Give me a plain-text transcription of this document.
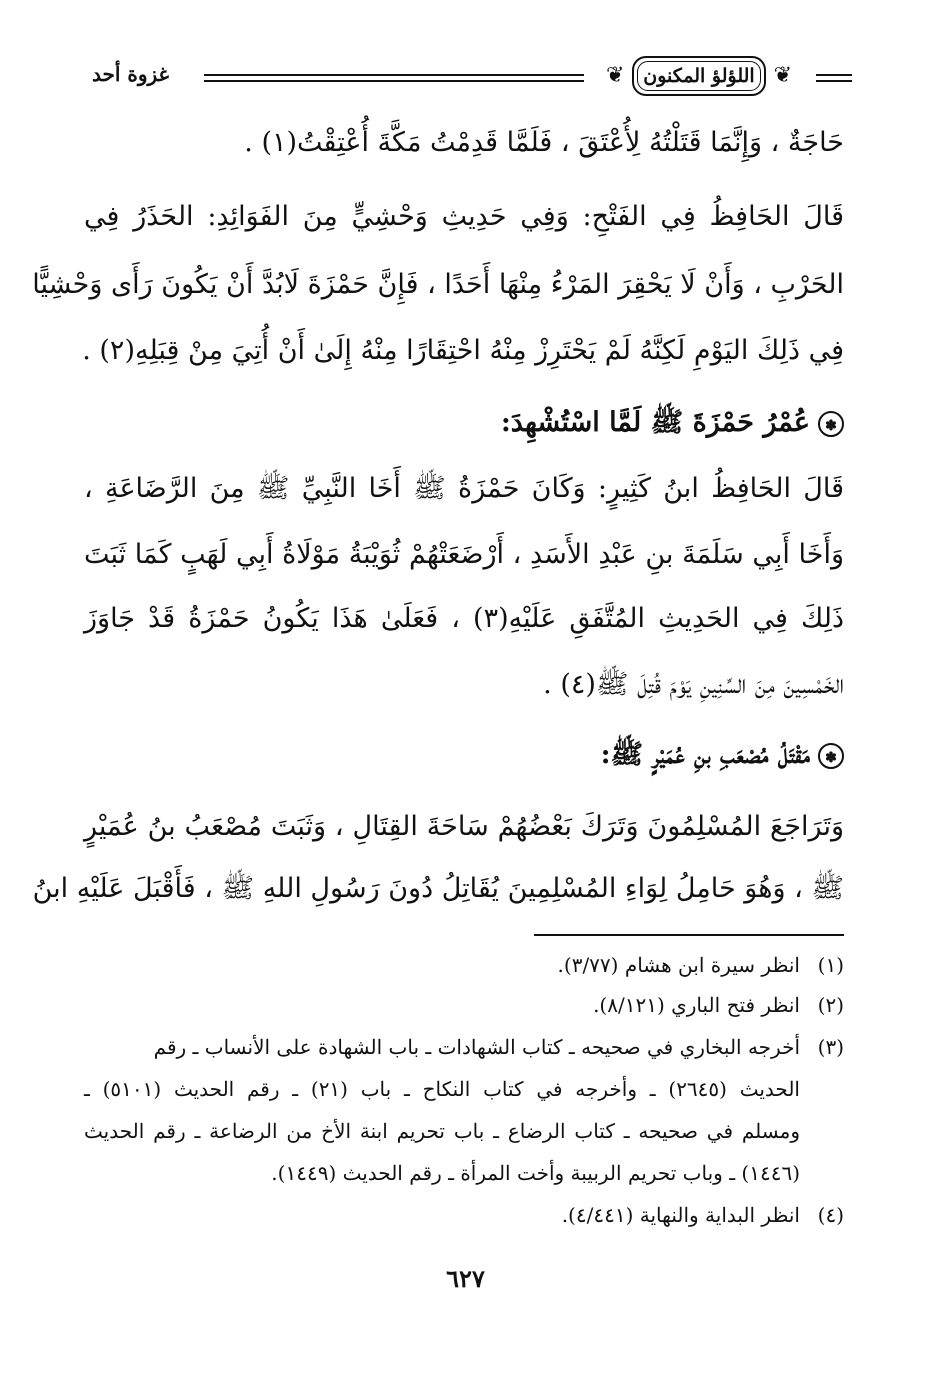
❦
اللؤلؤ المكنون
❦
غزوة أحد
حَاجَةٌ ، وَإِنَّمَا قَتَلْتُهُ لِأُعْتَقَ ، فَلَمَّا قَدِمْتُ مَكَّةَ أُعْتِقْتُ(١) .
قَالَ الحَافِظُ فِي الفَتْحِ: وَفِي حَدِيثِ وَحْشِيٍّ مِنَ الفَوَائِدِ: الحَذَرُ فِي
الحَرْبِ ، وَأَنْ لَا يَحْقِرَ المَرْءُ مِنْهَا أَحَدًا ، فَإِنَّ حَمْزَةَ لَابُدَّ أَنْ يَكُونَ رَأَى وَحْشِيًّا
فِي ذَلِكَ اليَوْمِ لَكِنَّهُ لَمْ يَحْتَرِزْ مِنْهُ احْتِقَارًا مِنْهُ إِلَىٰ أَنْ أُتِيَ مِنْ قِبَلِهِ(٢) .
✽عُمْرُ حَمْزَةَ ﷺ لَمَّا اسْتُشْهِدَ:
قَالَ الحَافِظُ ابنُ كَثِيرٍ: وَكَانَ حَمْزَةُ ﷺ أَخَا النَّبِيِّ ﷺ مِنَ الرَّضَاعَةِ ،
وَأَخَا أَبِي سَلَمَةَ بنِ عَبْدِ الأَسَدِ ، أَرْضَعَتْهُمْ ثُوَيْبَةُ مَوْلَاةُ أَبِي لَهَبٍ كَمَا ثَبَتَ
ذَلِكَ فِي الحَدِيثِ المُتَّفَقِ عَلَيْهِ(٣) ، فَعَلَىٰ هَذَا يَكُونُ حَمْزَةُ قَدْ جَاوَزَ
الخَمْسِينَ مِنَ السِّنِينِ يَوْمَ قُتِلَ ﷺ(٤) .
✽مَقْتَلُ مُصْعَبِ بنِ عُمَيْرٍ ﷺ:
وَتَرَاجَعَ المُسْلِمُونَ وَتَرَكَ بَعْضُهُمْ سَاحَةَ القِتَالِ ، وَثَبَتَ مُصْعَبُ بنُ عُمَيْرٍ
ﷺ ، وَهُوَ حَامِلُ لِوَاءِ المُسْلِمِينَ يُقَاتِلُ دُونَ رَسُولِ اللهِ ﷺ ، فَأَقْبَلَ عَلَيْهِ ابنُ
(١)انظر سيرة ابن هشام (٣/٧٧).
(٢)انظر فتح الباري (٨/١٢١).
(٣)أخرجه البخاري في صحيحه ـ كتاب الشهادات ـ باب الشهادة على الأنساب ـ رقم
الحديث (٢٦٤٥) ـ وأخرجه في كتاب النكاح ـ باب (٢١) ـ رقم الحديث (٥١٠١) ـ
ومسلم في صحيحه ـ كتاب الرضاع ـ باب تحريم ابنة الأخ من الرضاعة ـ رقم الحديث
(١٤٤٦) ـ وباب تحريم الربيبة وأخت المرأة ـ رقم الحديث (١٤٤٩).
(٤)انظر البداية والنهاية (٤/٤٤١).
٦٢٧
